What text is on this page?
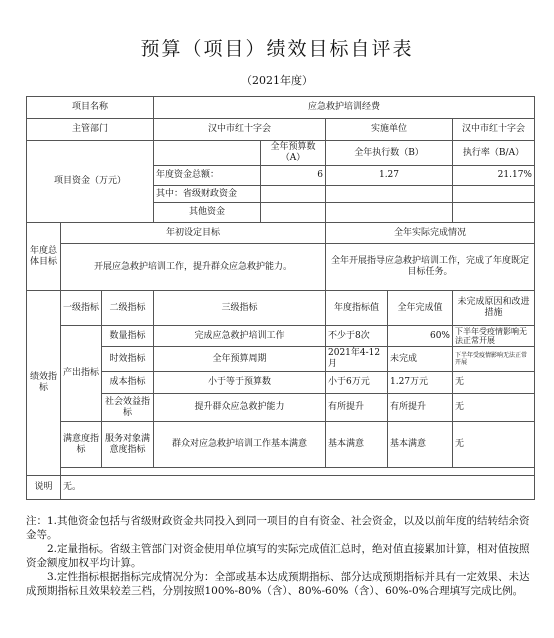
预算（项目）绩效目标自评表
（2021年度）
项目名称			应急救护培训经费				
主管部门			汉中市红十字会		实施单位		汉中市红十字会
项目资金（万元）				全年预算数（A）	全年执行数（B）		执行率（B/A）
			年度资金总额：	6	1.27		21.17%
			其中：省级财政资金				
			其他资金				
年度总体目标	年初设定目标				全年实际完成情况		
	开展应急救护培训工作，提升群众应急救护能力。				全年开展指导应急救护培训工作，完成了年度既定目标任务。		
绩效指标	一级指标	二级指标	三级指标		年度指标值	全年完成值	未完成原因和改进措施
	产出指标	数量指标	完成应急救护培训工作		不少于8次	60%	下半年受疫情影响无法正常开展
		时效指标	全年预算周期		2021年4-12月	未完成	下半年受疫情影响无法正常开展
		成本指标	小于等于预算数		小于6万元	1.27万元	无
		社会效益指标	提升群众应急救护能力		有所提升	有所提升	无
	满意度指标	服务对象满意度指标	群众对应急救护培训工作基本满意		基本满意	基本满意	无

说明	无。						

注：1.其他资金包括与省级财政资金共同投入到同一项目的自有资金、社会资金，以及以前年度的结转结余资金等。

2.定量指标。省级主管部门对资金使用单位填写的实际完成值汇总时，绝对值直接累加计算，相对值按照资金额度加权平均计算。

3.定性指标根据指标完成情况分为：全部或基本达成预期指标、部分达成预期指标并具有一定效果、未达成预期指标且效果较差三档，分别按照100%-80%（含）、80%-60%（含）、60%-0%合理填写完成比例。
